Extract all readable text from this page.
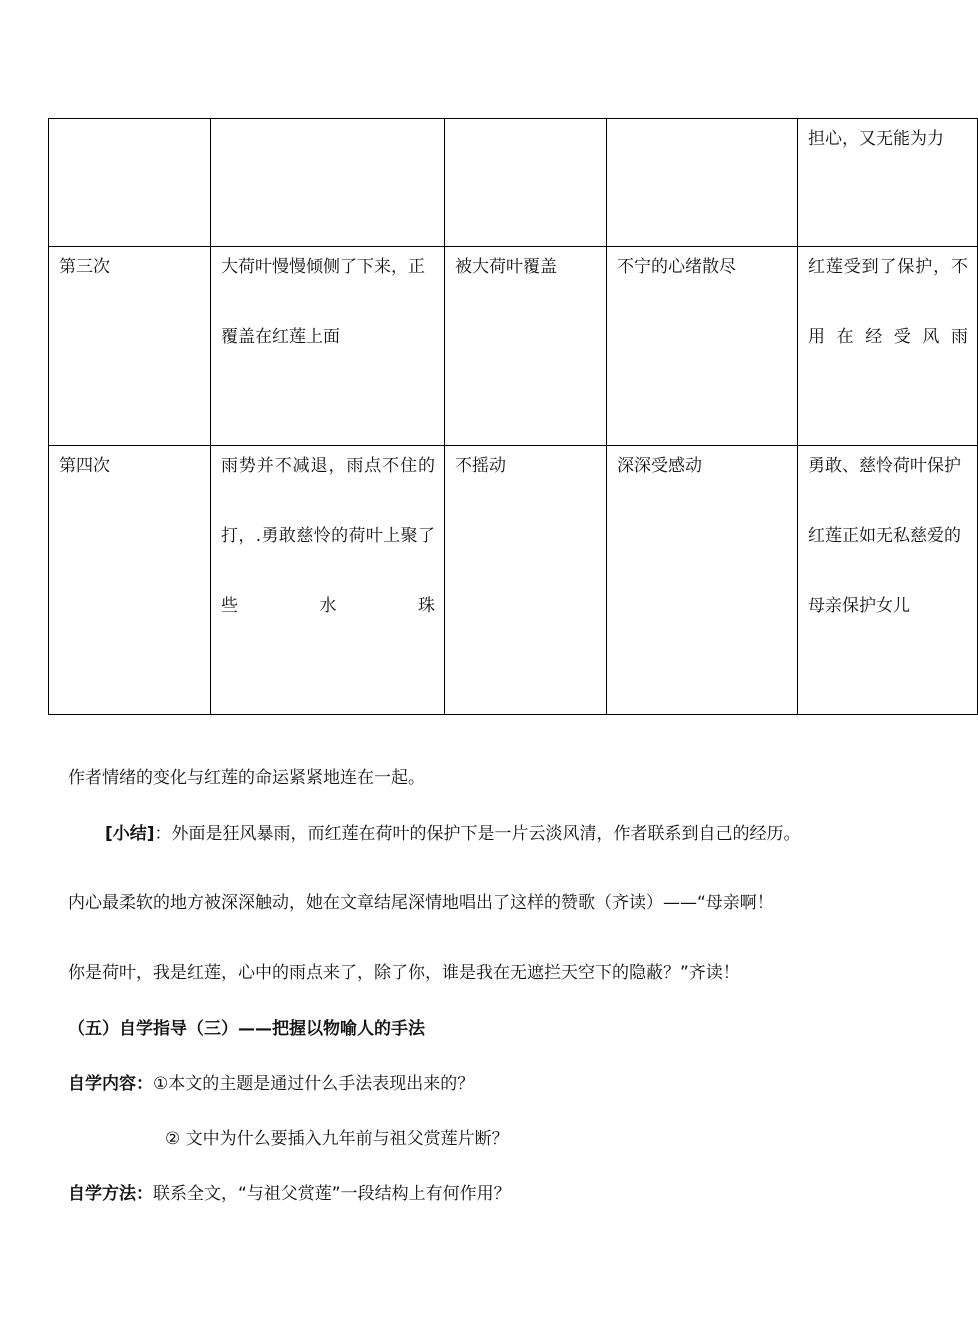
				担心，又无能为力

第三次	大荷叶慢慢倾侧了下来，正覆盖在红莲上面	被大荷叶覆盖	不宁的心绪散尽	红莲受到了保护，不用在经受风雨

第四次	雨势并不减退，雨点不住的打，.勇敢慈怜的荷叶上聚了些水珠	不摇动	深深受感动	勇敢、慈怜荷叶保护红莲正如无私慈爱的母亲保护女儿
作者情绪的变化与红莲的命运紧紧地连在一起。
[小结]：外面是狂风暴雨，而红莲在荷叶的保护下是一片云淡风清，作者联系到自己的经历。
内心最柔软的地方被深深触动，她在文章结尾深情地唱出了这样的赞歌（齐读）——“母亲啊！
你是荷叶，我是红莲，心中的雨点来了，除了你，谁是我在无遮拦天空下的隐蔽？”齐读！
（五）自学指导（三）——把握以物喻人的手法
自学内容：①本文的主题是通过什么手法表现出来的？
② 文中为什么要插入九年前与祖父赏莲片断？
自学方法：联系全文，“与祖父赏莲”一段结构上有何作用？
